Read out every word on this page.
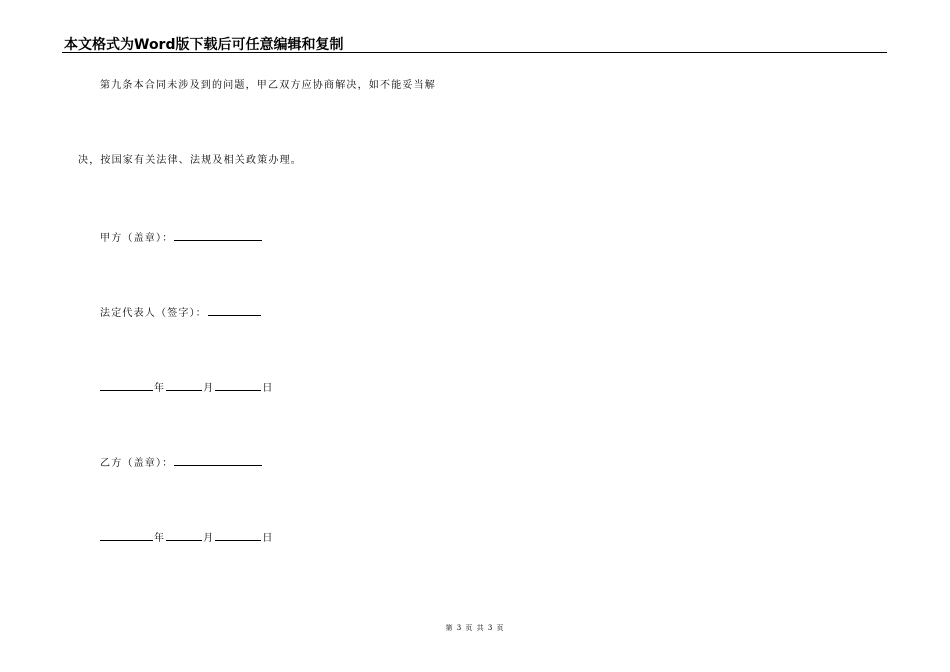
本文格式为Word版下载后可任意编辑和复制
第九条本合同未涉及到的问题，甲乙双方应协商解决，如不能妥当解
决，按国家有关法律、法规及相关政策办理。
甲方（盖章）：
法定代表人（签字）：
年	月	日
乙方（盖章）：
年	月	日
第 3 页 共 3 页
